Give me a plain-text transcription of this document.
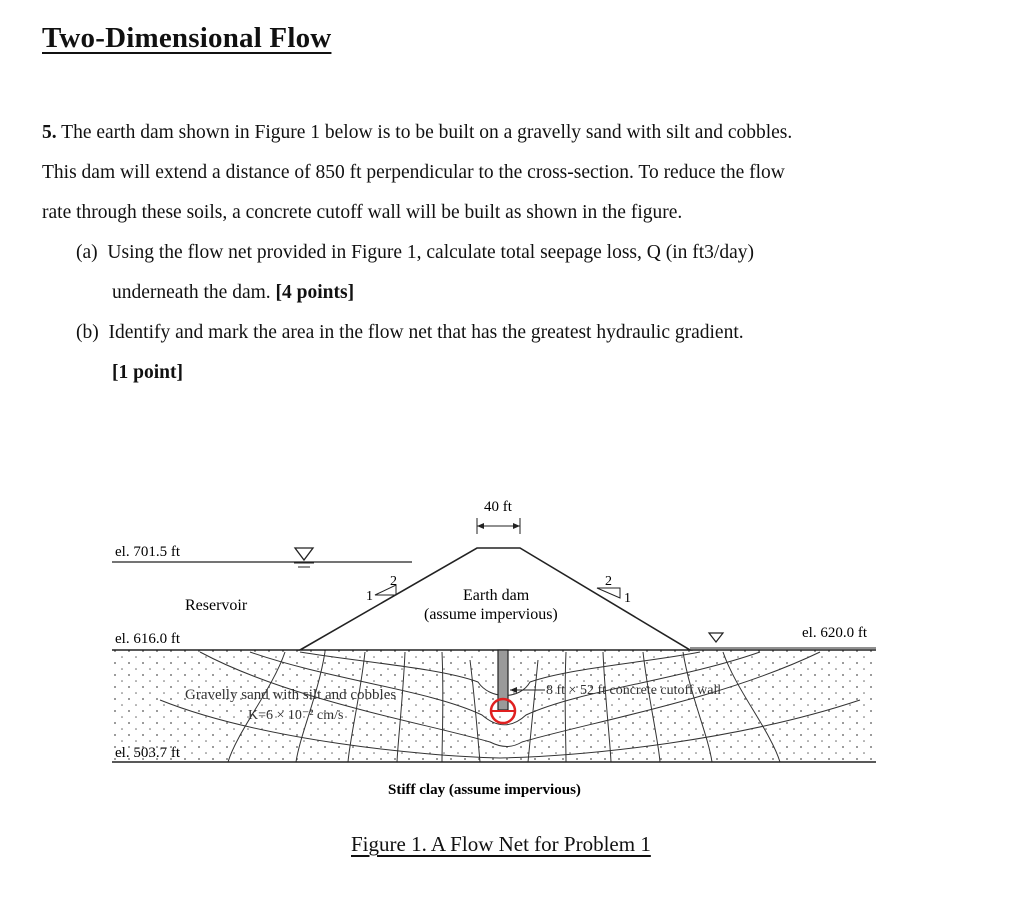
Two-Dimensional Flow
5. The earth dam shown in Figure 1 below is to be built on a gravelly sand with silt and cobbles.
This dam will extend a distance of 850 ft perpendicular to the cross-section. To reduce the flow
rate through these soils, a concrete cutoff wall will be built as shown in the figure.
(a) Using the flow net provided in Figure 1, calculate total seepage loss, Q (in ft3/day)
underneath the dam. [4 points]
(b) Identify and mark the area in the flow net that has the greatest hydraulic gradient.
[1 point]
40 ft
el. 701.5 ft
Reservoir
el. 616.0 ft	el. 620.0 ft
el. 503.7 ft
Earth dam
(assume impervious)
2
1
2
1
Gravelly sand with silt and cobbles
K=6 × 10⁻² cm/s
8 ft × 52 ft concrete cutoff wall
Stiff clay (assume impervious)
Figure 1. A Flow Net for Problem 1
